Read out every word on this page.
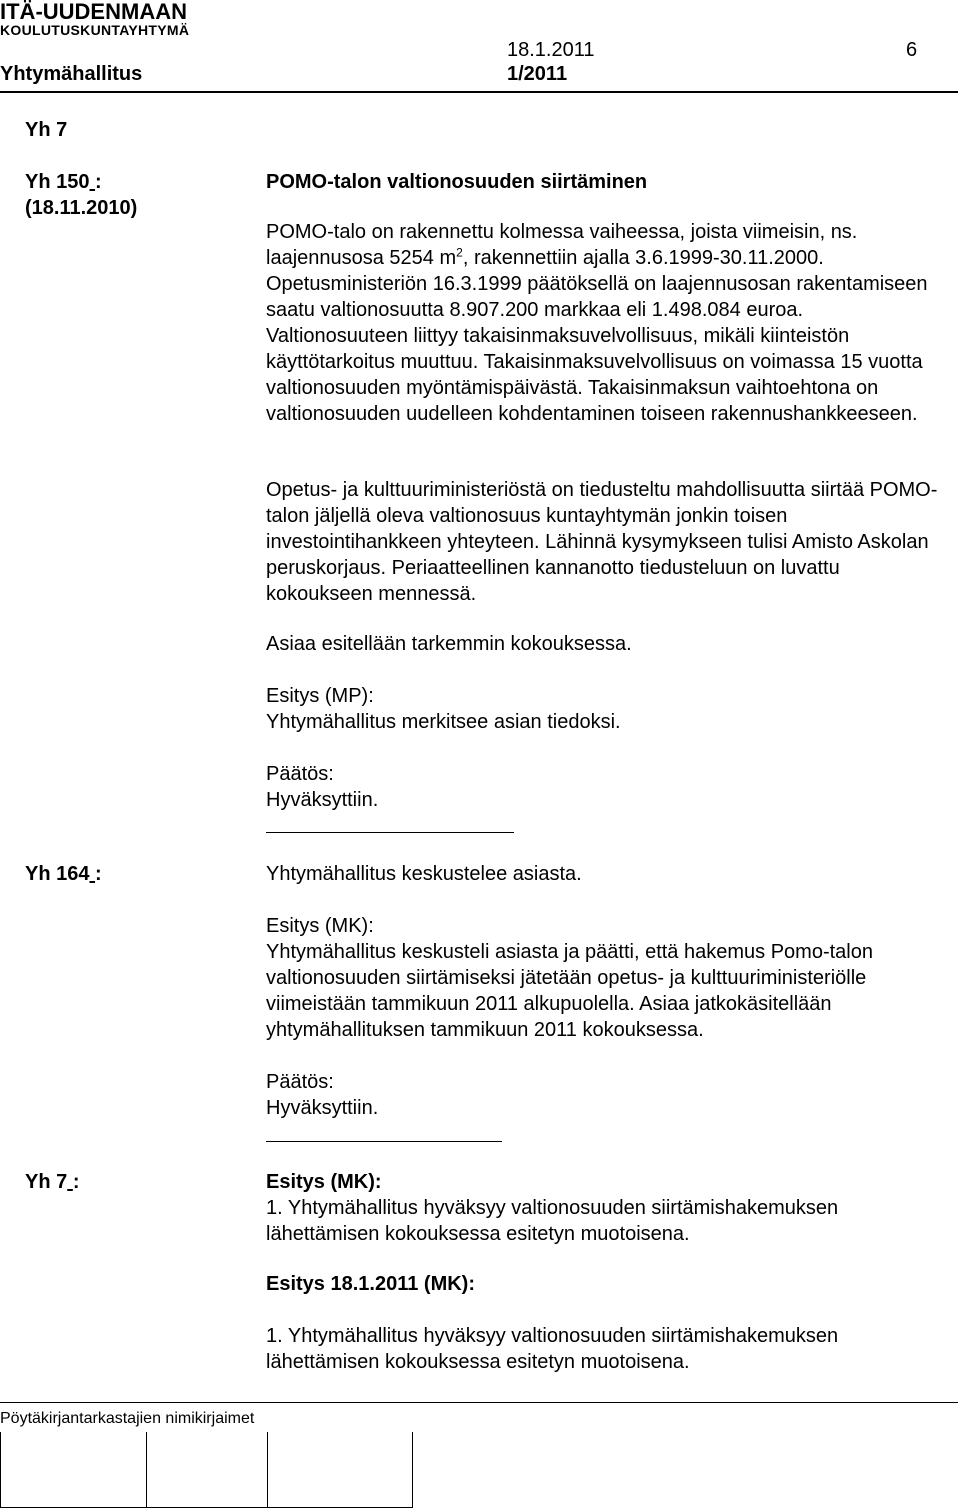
ITÄ-UUDENMAAN
KOULUTUSKUNTAYHTYMÄ
18.1.2011	6
Yhtymähallitus	1/2011
Yh 7
Yh 150 :
(18.11.2010)

POMO-talon valtionosuuden siirtäminen

POMO-talo on rakennettu kolmessa vaiheessa, joista viimeisin, ns. laajennusosa 5254 $m^2$, rakennettiin ajalla 3.6.1999-30.11.2000. Opetusministeriön 16.3.1999 päätöksellä on laajennusosan rakentamiseen saatu valtionosuutta 8.907.200 markkaa eli 1.498.084 euroa. Valtionosuuteen liittyy takaisinmaksuvelvollisuus, mikäli kiinteistön käyttötarkoitus muuttuu. Takaisinmaksuvelvollisuus on voimassa 15 vuotta valtionosuuden myöntämispäivästä. Takaisinmaksun vaihtoehtona on valtionosuuden uudelleen kohdentaminen toiseen rakennushankkeeseen.

Opetus- ja kulttuuriministeriöstä on tiedusteltu mahdollisuutta siirtää POMO-talon jäljellä oleva valtionosuus kuntayhtymän jonkin toisen investointihankkeen yhteyteen. Lähinnä kysymykseen tulisi Amisto Askolan peruskorjaus. Periaatteellinen kannanotto tiedusteluun on luvattu kokoukseen mennessä.

Asiaa esitellään tarkemmin kokouksessa.

Esitys (MP):
Yhtymähallitus merkitsee asian tiedoksi.
Päätös:
Hyväksyttiin.
Yh 164 :	Yhtymähallitus keskustelee asiasta.

Esitys (MK):
Yhtymähallitus keskusteli asiasta ja päätti, että hakemus Pomo-talon valtionosuuden siirtämiseksi jätetään opetus- ja kulttuuriministeriölle viimeistään tammikuun 2011 alkupuolella. Asiaa jatkokäsitellään yhtymähallituksen tammikuun 2011 kokouksessa.
Päätös:
Hyväksyttiin.
Yh 7 :	Esitys (MK):
1. Yhtymähallitus hyväksyy valtionosuuden siirtämishakemuksen lähettämisen kokouksessa esitetyn muotoisena.
Esitys 18.1.2011 (MK):
1. Yhtymähallitus hyväksyy valtionosuuden siirtämishakemuksen lähettämisen kokouksessa esitetyn muotoisena.
Pöytäkirjantarkastajien nimikirjaimet
